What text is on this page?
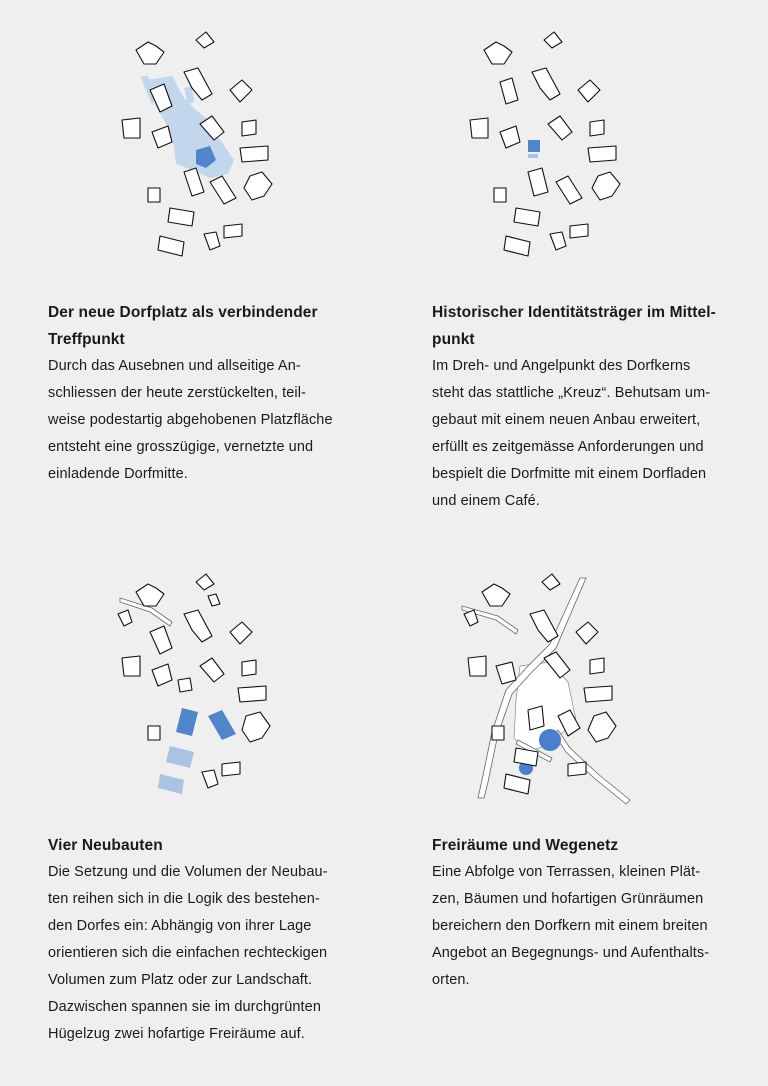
Der neue Dorfplatz als verbindender
Treffpunkt

Durch das Ausebnen und allseitige An-
schliessen der heute zerstückelten, teil-
weise podestartig abgehobenen Platzfläche
entsteht eine grosszügige, vernetzte und
einladende Dorfmitte.

Historischer Identitätsträger im Mittel-
punkt

Im Dreh- und Angelpunkt des Dorfkerns
steht das stattliche „Kreuz“. Behutsam um-
gebaut mit einem neuen Anbau erweitert,
erfüllt es zeitgemässe Anforderungen und
bespielt die Dorfmitte mit einem Dorfladen
und einem Café.

Vier Neubauten

Die Setzung und die Volumen der Neubau-
ten reihen sich in die Logik des bestehen-
den Dorfes ein: Abhängig von ihrer Lage
orientieren sich die einfachen rechteckigen
Volumen zum Platz oder zur Landschaft.
Dazwischen spannen sie im durchgrünten
Hügelzug zwei hofartige Freiräume auf.

Freiräume und Wegenetz

Eine Abfolge von Terrassen, kleinen Plät-
zen, Bäumen und hofartigen Grünräumen
bereichern den Dorfkern mit einem breiten
Angebot an Begegnungs- und Aufenthalts-
orten.
